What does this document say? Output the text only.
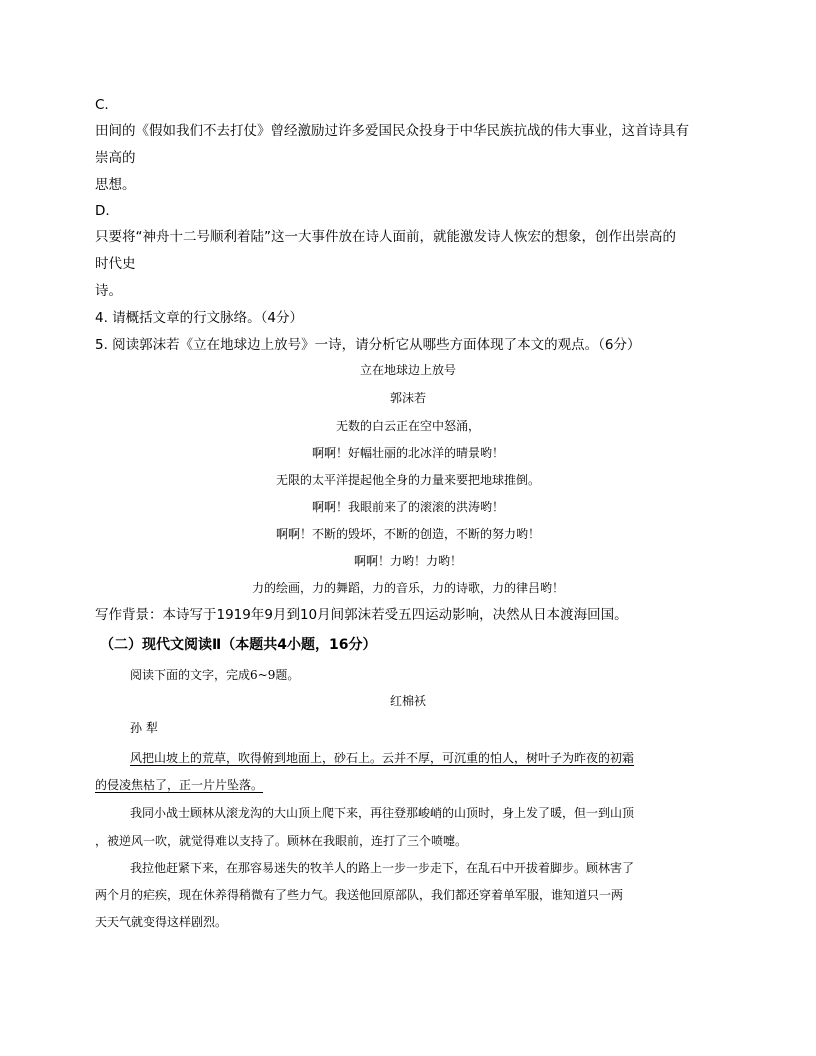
C.
田间的《假如我们不去打仗》曾经激励过许多爱国民众投身于中华民族抗战的伟大事业，这首诗具有
崇高的
思想。
D.
只要将“神舟十二号顺利着陆”这一大事件放在诗人面前，就能激发诗人恢宏的想象，创作出崇高的
时代史
诗。
4. 请概括文章的行文脉络。（4分）
5. 阅读郭沫若《立在地球边上放号》一诗，请分析它从哪些方面体现了本文的观点。（6分）
立在地球边上放号
郭沫若
无数的白云正在空中怒涌，
啊啊！好幅壮丽的北冰洋的晴景哟！
无限的太平洋提起他全身的力量来要把地球推倒。
啊啊！我眼前来了的滚滚的洪涛哟！
啊啊！不断的毁坏，不断的创造，不断的努力哟！
啊啊！力哟！力哟！
力的绘画，力的舞蹈，力的音乐，力的诗歌，力的律吕哟！
写作背景：本诗写于1919年9月到10月间郭沫若受五四运动影响，决然从日本渡海回国。
（二）现代文阅读Ⅱ（本题共4小题，16分）
阅读下面的文字，完成6~9题。
红棉袄
孙 犁
风把山坡上的荒草，吹得俯到地面上，砂石上。云并不厚，可沉重的怕人，树叶子为昨夜的初霜
的侵凌焦枯了，正一片片坠落。
我同小战士顾林从滚龙沟的大山顶上爬下来，再往登那峻峭的山顶时，身上发了暖，但一到山顶
，被逆风一吹，就觉得难以支持了。顾林在我眼前，连打了三个喷嚏。
我拉他赶紧下来，在那容易迷失的牧羊人的路上一步一步走下，在乱石中开拔着脚步。顾林害了
两个月的疟疾，现在休养得稍微有了些力气。我送他回原部队，我们都还穿着单军服，谁知道只一两
天天气就变得这样剧烈。
